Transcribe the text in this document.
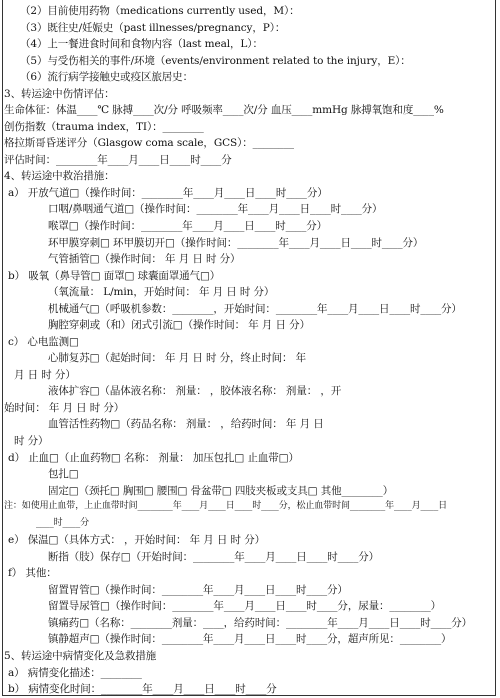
（2）目前使用药物（medications currently used，M）：
（3）既往史/妊娠史（past illnesses/pregnancy，P）：
（4）上一餐进食时间和食物内容（last meal，L）：
（5）与受伤相关的事件/环境（events/environment related to the injury，E）：
（6）流行病学接触史或疫区旅居史：
3、转运途中伤情评估：
生命体征：体温____℃ 脉搏____次/分 呼吸频率____次/分 血压____mmHg 脉搏氧饱和度____%
创伤指数（trauma index，TI）：________
格拉斯哥昏迷评分（Glasgow coma scale，GCS）：________
评估时间：________年____月____日____时____分
4、转运途中救治措施：
a） 开放气道□（操作时间：________年____月____日____时____分）
口咽/鼻咽通气道□（操作时间：________年____月____日____时____分）
喉罩□（操作时间：________年____月____日____时____分）
环甲膜穿刺□ 环甲膜切开□（操作时间：________年____月____日____时____分）
气管插管□（操作时间： 年 月 日 时 分）
b） 吸氧（鼻导管□ 面罩□ 球囊面罩通气□）
（氧流量： L/min，开始时间： 年 月 日 时 分）
机械通气□（呼吸机参数：________，开始时间：________年____月____日____时____分）
胸腔穿刺或（和）闭式引流□（操作时间： 年 月 日 分）
c） 心电监测□
心肺复苏□（起始时间： 年 月 日 时 分，终止时间： 年
月 日 时 分）
液体扩容□（晶体液名称： 剂量： ，胶体液名称： 剂量： ，开
始时间： 年 月 日 时 分）
血管活性药物□（药品名称： 剂量： ，给药时间： 年 月 日
时 分）
d） 止血□（止血药物□ 名称： 剂量： 加压包扎□ 止血带□）
包扎□
固定□（颈托□ 胸围□ 腰围□ 骨盆带□ 四肢夹板或支具□ 其他________）
注：如使用止血带，上止血带时间________年____月____日____时____分，松止血带时间________年____月____日
____时____分
e） 保温□（具体方式： ，开始时间： 年 月 日 时 分）
断指（肢）保存□（开始时间：________年____月____日____时____分）
f） 其他：
留置胃管□（操作时间：________年____月____日____时____分）
留置导尿管□（操作时间：________年____月____日____时____分，尿量：________）
镇痛药□（名称：________剂量：____，给药时间：________年____月____日____时____分）
镇静超声□（操作时间：________年____月____日____时____分，超声所见：________）
5、转运途中病情变化及急救措施
a） 病情变化描述：________
b） 病情变化时间：________年____月____日____时____分
